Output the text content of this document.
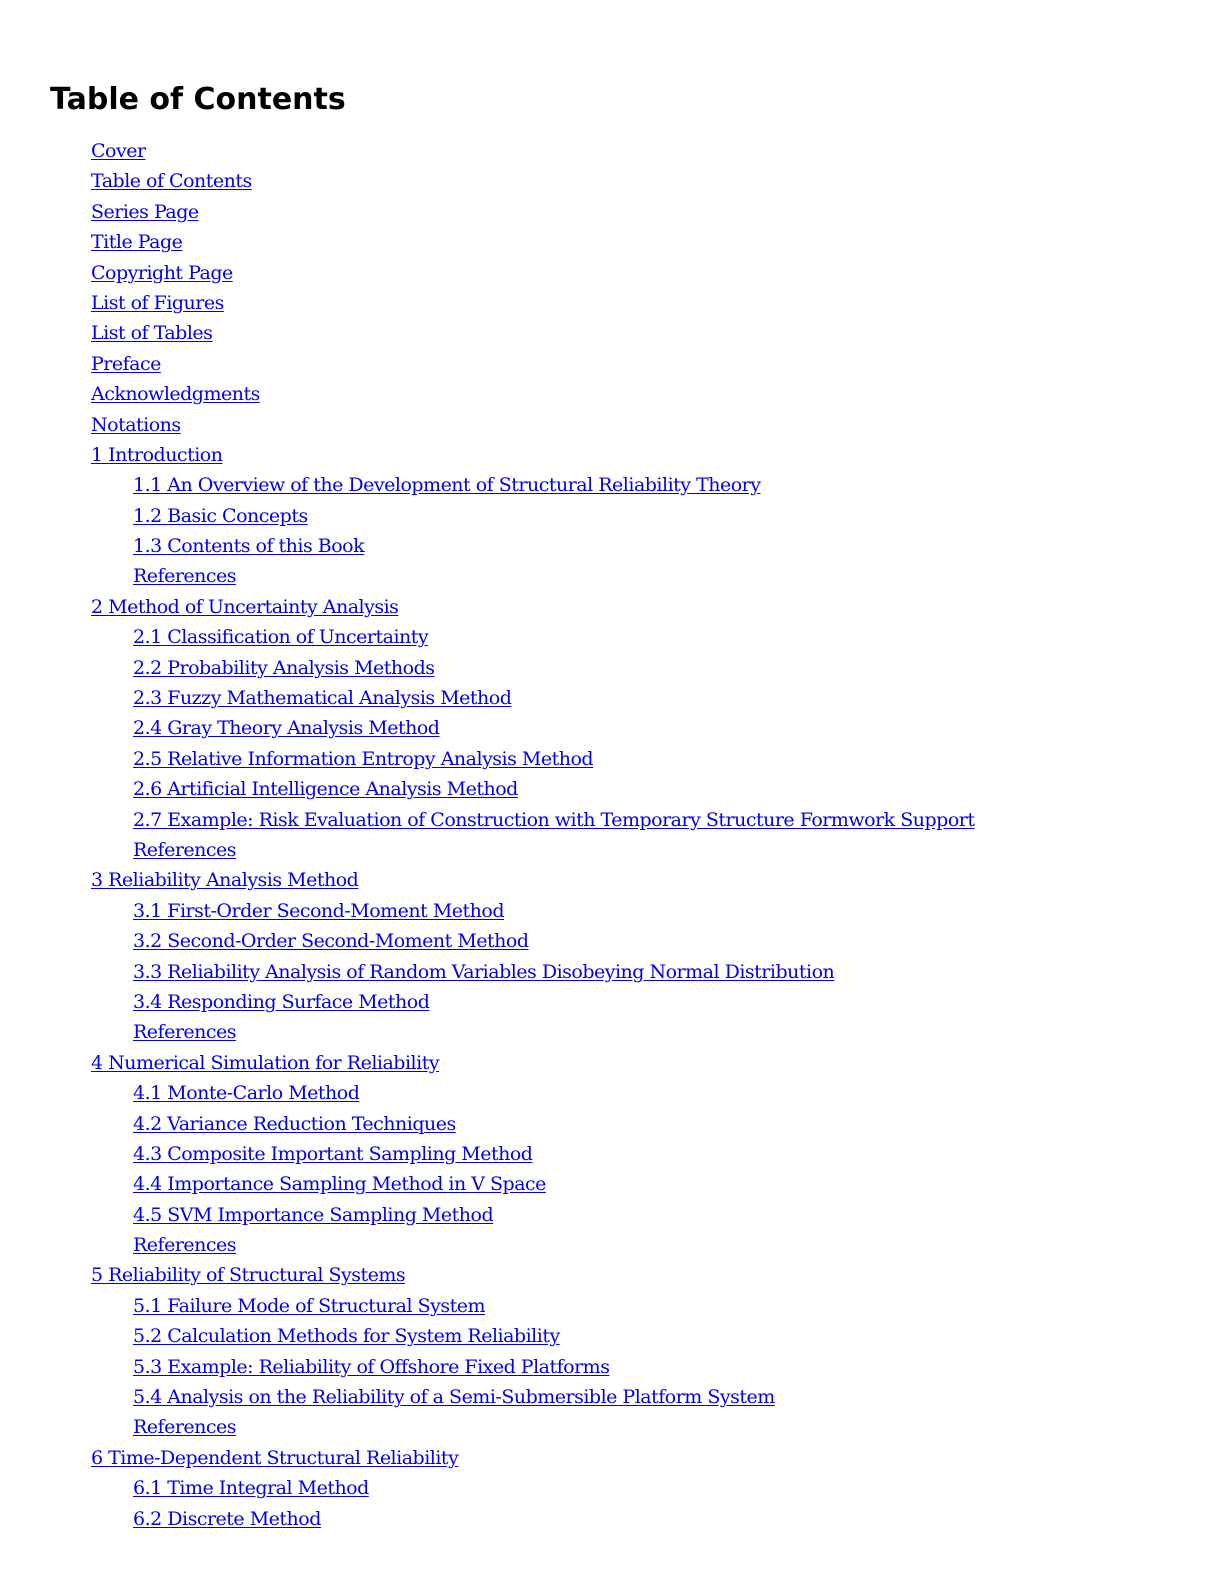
Table of Contents
Cover
Table of Contents
Series Page
Title Page
Copyright Page
List of Figures
List of Tables
Preface
Acknowledgments
Notations
1 Introduction
1.1 An Overview of the Development of Structural Reliability Theory
1.2 Basic Concepts
1.3 Contents of this Book
References
2 Method of Uncertainty Analysis
2.1 Classification of Uncertainty
2.2 Probability Analysis Methods
2.3 Fuzzy Mathematical Analysis Method
2.4 Gray Theory Analysis Method
2.5 Relative Information Entropy Analysis Method
2.6 Artificial Intelligence Analysis Method
2.7 Example: Risk Evaluation of Construction with Temporary Structure Formwork Support
References
3 Reliability Analysis Method
3.1 First-Order Second-Moment Method
3.2 Second-Order Second-Moment Method
3.3 Reliability Analysis of Random Variables Disobeying Normal Distribution
3.4 Responding Surface Method
References
4 Numerical Simulation for Reliability
4.1 Monte-Carlo Method
4.2 Variance Reduction Techniques
4.3 Composite Important Sampling Method
4.4 Importance Sampling Method in V Space
4.5 SVM Importance Sampling Method
References
5 Reliability of Structural Systems
5.1 Failure Mode of Structural System
5.2 Calculation Methods for System Reliability
5.3 Example: Reliability of Offshore Fixed Platforms
5.4 Analysis on the Reliability of a Semi-Submersible Platform System
References
6 Time-Dependent Structural Reliability
6.1 Time Integral Method
6.2 Discrete Method
